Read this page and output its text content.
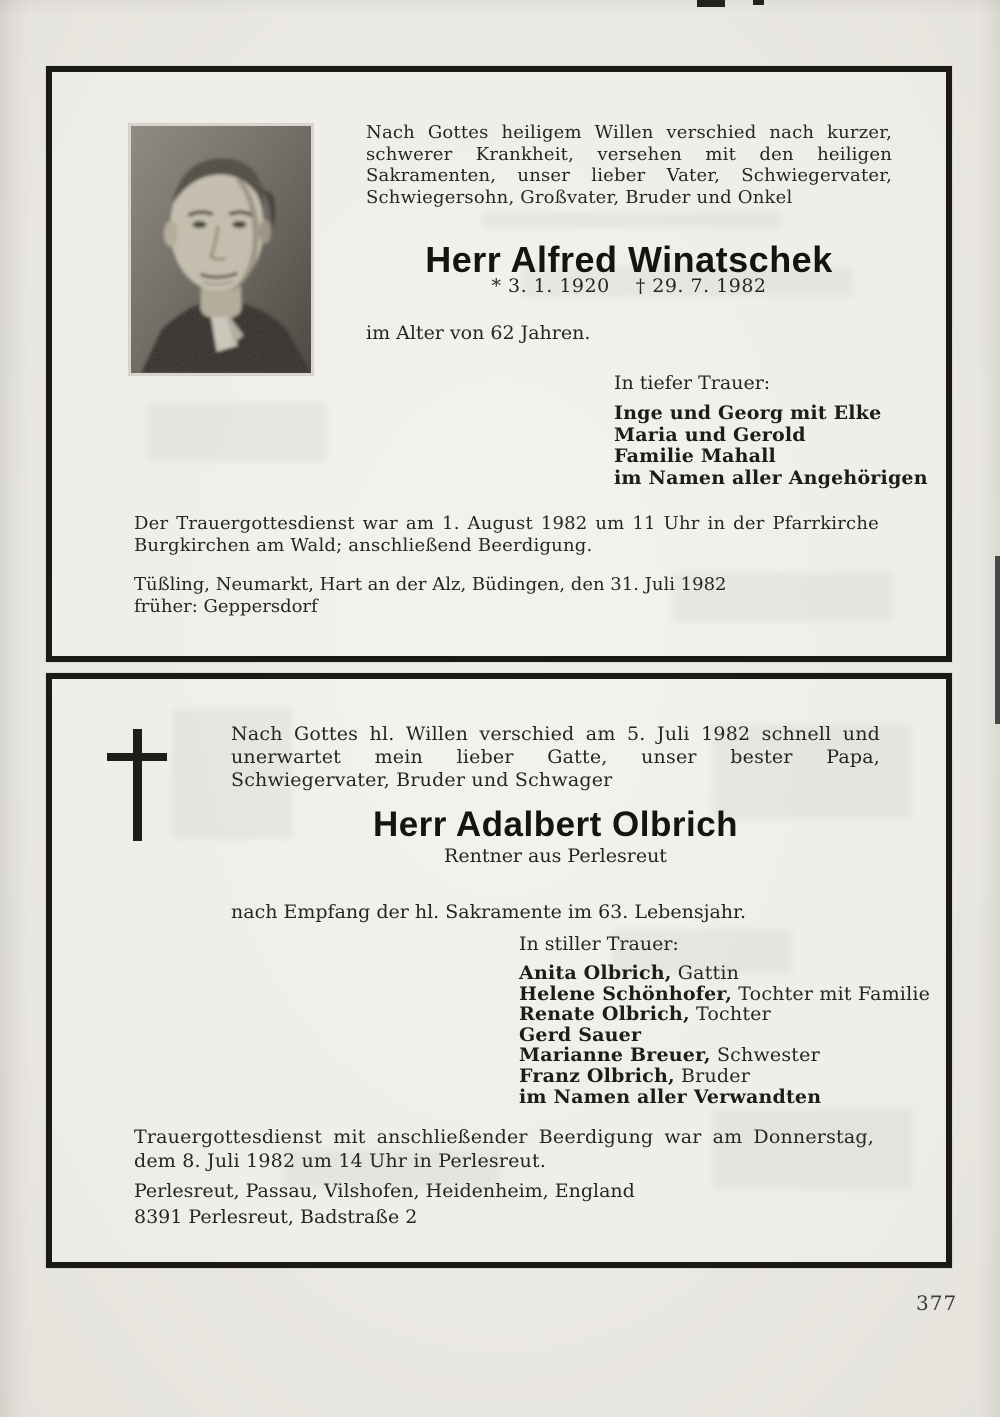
Nach Gottes heiligem Willen verschied nach kurzer, schwerer Krankheit, versehen mit den heiligen Sakramenten, unser lieber Vater, Schwiegervater, Schwiegersohn, Großvater, Bruder und Onkel
Herr Alfred Winatschek
* 3. 1. 1920 † 29. 7. 1982
im Alter von 62 Jahren.
In tiefer Trauer:
Inge und Georg mit Elke
Maria und Gerold
Familie Mahall
im Namen aller Angehörigen
Der Trauergottesdienst war am 1. August 1982 um 11 Uhr in der Pfarrkirche Burgkirchen am Wald; anschließend Beerdigung.
Tüßling, Neumarkt, Hart an der Alz, Büdingen, den 31. Juli 1982
früher: Geppersdorf
Nach Gottes hl. Willen verschied am 5. Juli 1982 schnell und unerwartet mein lieber Gatte, unser bester Papa, Schwiegervater, Bruder und Schwager
Herr Adalbert Olbrich
Rentner aus Perlesreut
nach Empfang der hl. Sakramente im 63. Lebensjahr.
In stiller Trauer:
Anita Olbrich, Gattin
Helene Schönhofer, Tochter mit Familie
Renate Olbrich, Tochter
Gerd Sauer
Marianne Breuer, Schwester
Franz Olbrich, Bruder
im Namen aller Verwandten
Trauergottesdienst mit anschließender Beerdigung war am Donnerstag, dem 8. Juli 1982 um 14 Uhr in Perlesreut.
Perlesreut, Passau, Vilshofen, Heidenheim, England
8391 Perlesreut, Badstraße 2
377
